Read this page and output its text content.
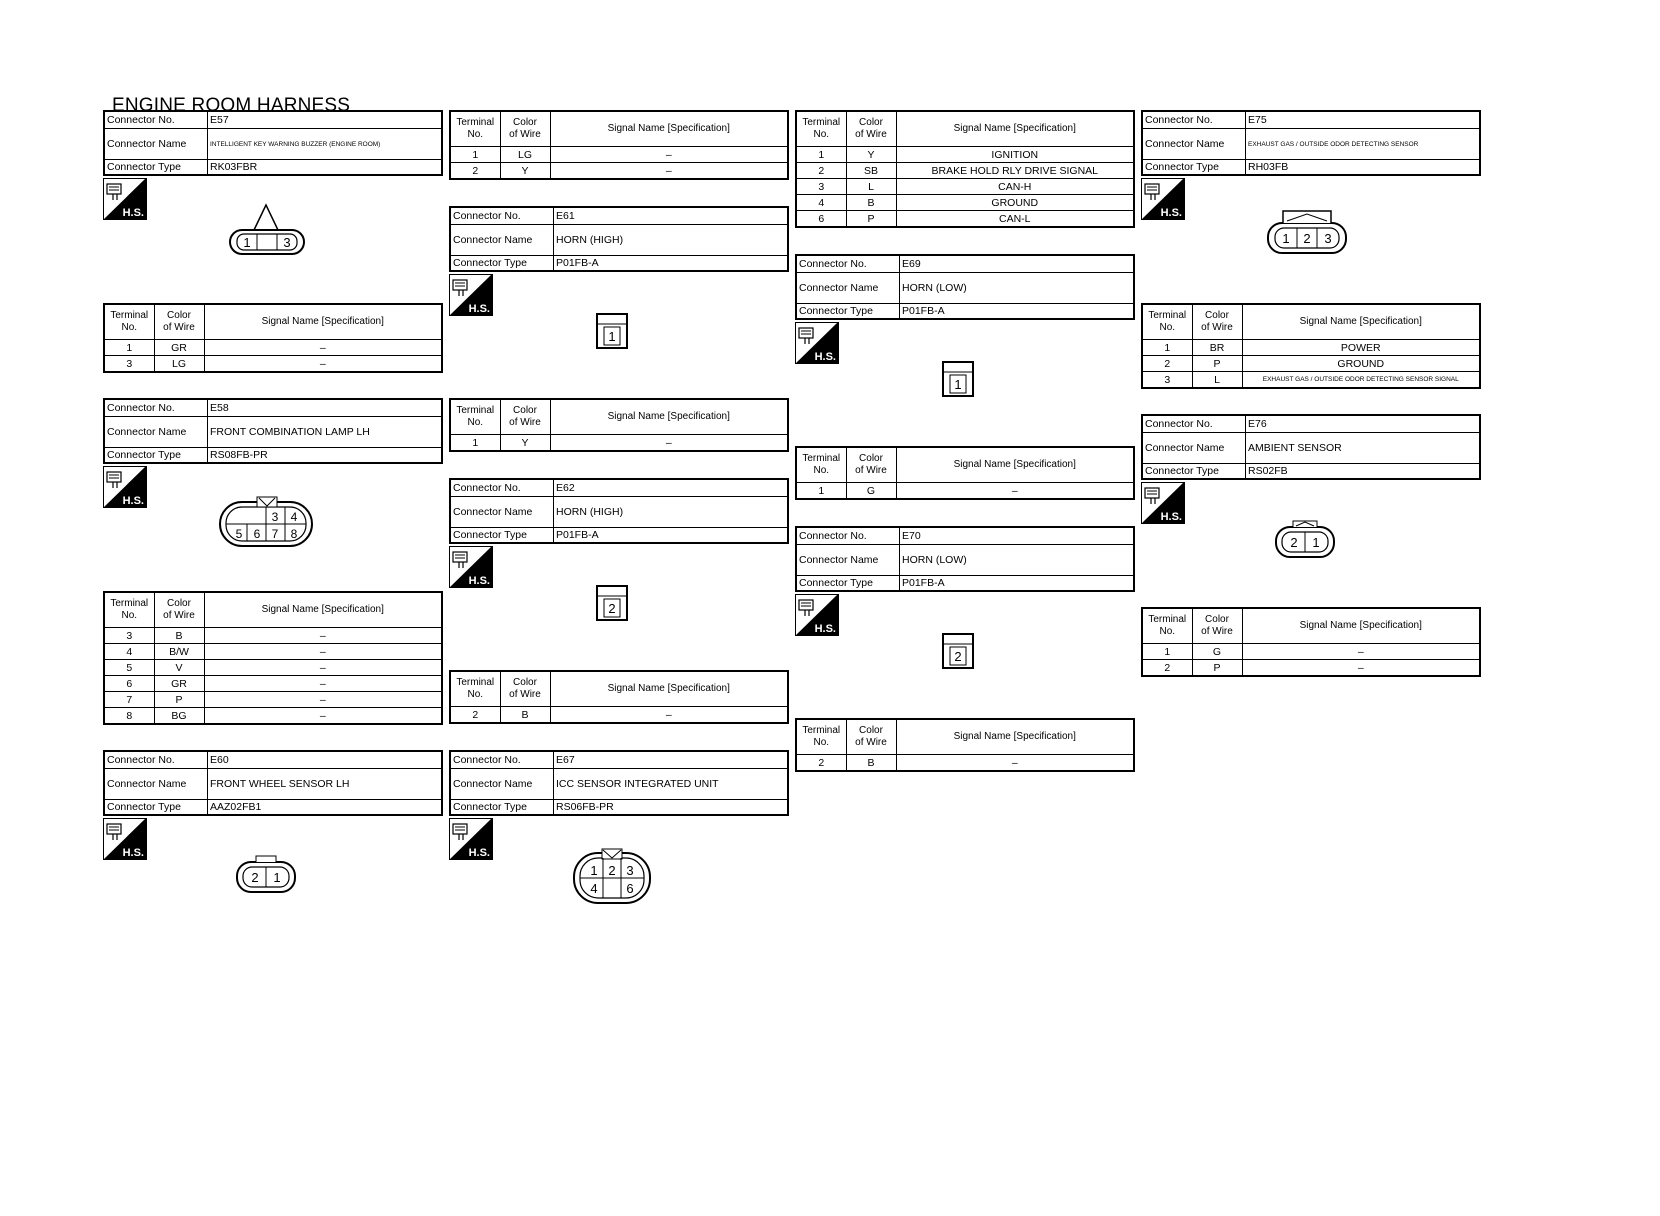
ENGINE ROOM HARNESS
Connector No.	E57
Connector Name	INTELLIGENT KEY WARNING BUZZER (ENGINE ROOM)
Connector Type	RK03FBR
H.S.
1	3
Terminal
No.	Color
of Wire	Signal Name [Specification]
1	GR	–
3	LG	–
Connector No.	E58
Connector Name	FRONT COMBINATION LAMP LH
Connector Type	RS08FB-PR
H.S.
3 4
5 6 7 8
Terminal
No.	Color
of Wire	Signal Name [Specification]
3	B	–
4	B/W	–
5	V	–
6	GR	–
7	P	–
8	BG	–
Connector No.	E60
Connector Name	FRONT WHEEL SENSOR LH
Connector Type	AAZ02FB1
H.S.
2 1
Terminal
No.	Color
of Wire	Signal Name [Specification]
1	LG	–
2	Y	–
Connector No.	E61
Connector Name	HORN (HIGH)
Connector Type	P01FB-A
H.S.
1
Terminal
No.	Color
of Wire	Signal Name [Specification]
1	Y	–
Connector No.	E62
Connector Name	HORN (HIGH)
Connector Type	P01FB-A
H.S.
2
Terminal
No.	Color
of Wire	Signal Name [Specification]
2	B	–
Connector No.	E67
Connector Name	ICC SENSOR INTEGRATED UNIT
Connector Type	RS06FB-PR
H.S.
1 2 3
4 6
Terminal
No.	Color
of Wire	Signal Name [Specification]
1	Y	IGNITION
2	SB	BRAKE HOLD RLY DRIVE SIGNAL
3	L	CAN-H
4	B	GROUND
6	P	CAN-L
Connector No.	E69
Connector Name	HORN (LOW)
Connector Type	P01FB-A
H.S.
1
Terminal
No.	Color
of Wire	Signal Name [Specification]
1	G	–
Connector No.	E70
Connector Name	HORN (LOW)
Connector Type	P01FB-A
H.S.
2
Terminal
No.	Color
of Wire	Signal Name [Specification]
2	B	–
Connector No.	E75
Connector Name	EXHAUST GAS / OUTSIDE ODOR DETECTING SENSOR
Connector Type	RH03FB
H.S.
1 2 3
Terminal
No.	Color
of Wire	Signal Name [Specification]
1	BR	POWER
2	P	GROUND
3	L	EXHAUST GAS / OUTSIDE ODOR DETECTING SENSOR SIGNAL
Connector No.	E76
Connector Name	AMBIENT SENSOR
Connector Type	RS02FB
H.S.
2 1
Terminal
No.	Color
of Wire	Signal Name [Specification]
1	G	–
2	P	–
